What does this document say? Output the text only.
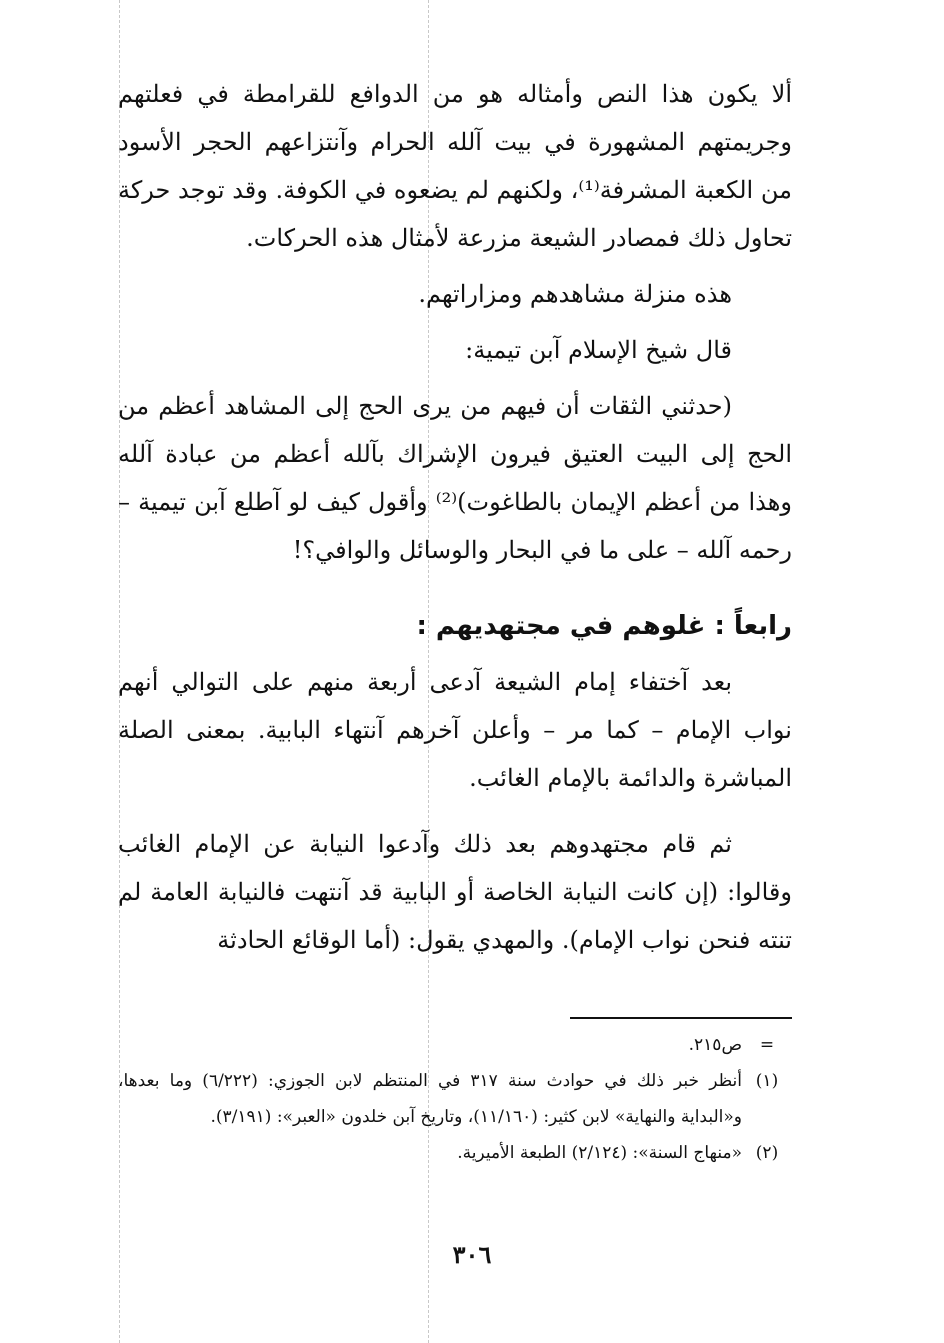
ألا يكون هذا النص وأمثاله هو من الدوافع للقرامطة في فعلتهم وجريمتهم المشهورة في بيت آلله الحرام وآنتزاعهم الحجر الأسود من الكعبة المشرفة⁽¹⁾، ولكنهم لم يضعوه في الكوفة. وقد توجد حركة تحاول ذلك فمصادر الشيعة مزرعة لأمثال هذه الحركات.

هذه منزلة مشاهدهم ومزاراتهم.

قال شيخ الإسلام آبن تيمية:

(حدثني الثقات أن فيهم من يرى الحج إلى المشاهد أعظم من الحج إلى البيت العتيق فيرون الإشراك بآلله أعظم من عبادة آلله وهذا من أعظم الإيمان بالطاغوت)⁽²⁾ وأقول كيف لو آطلع آبن تيمية – رحمه آلله – على ما في البحار والوسائل والوافي؟!

رابعاً : غلوهم في مجتهديهم :

بعد آختفاء إمام الشيعة آدعى أربعة منهم على التوالي أنهم نواب الإمام – كما مر – وأعلن آخرهم آنتهاء البابية. بمعنى الصلة المباشرة والدائمة بالإمام الغائب.

ثم قام مجتهدوهم بعد ذلك وآدعوا النيابة عن الإمام الغائب وقالوا: (إن كانت النيابة الخاصة أو البابية قد آنتهت فالنيابة العامة لم تنته فنحن نواب الإمام). والمهدي يقول: (أما الوقائع الحادثة

=
ص٢١٥.
(١)
أنظر خبر ذلك في حوادث سنة ٣١٧ في المنتظم لابن الجوزي: (٦/٢٢٢) وما بعدها، و«البداية والنهاية» لابن كثير: (١١/١٦٠)، وتاريخ آبن خلدون «العبر»: (٣/١٩١).
(٢)
«منهاج السنة»: (٢/١٢٤) الطبعة الأميرية.
٣٠٦
